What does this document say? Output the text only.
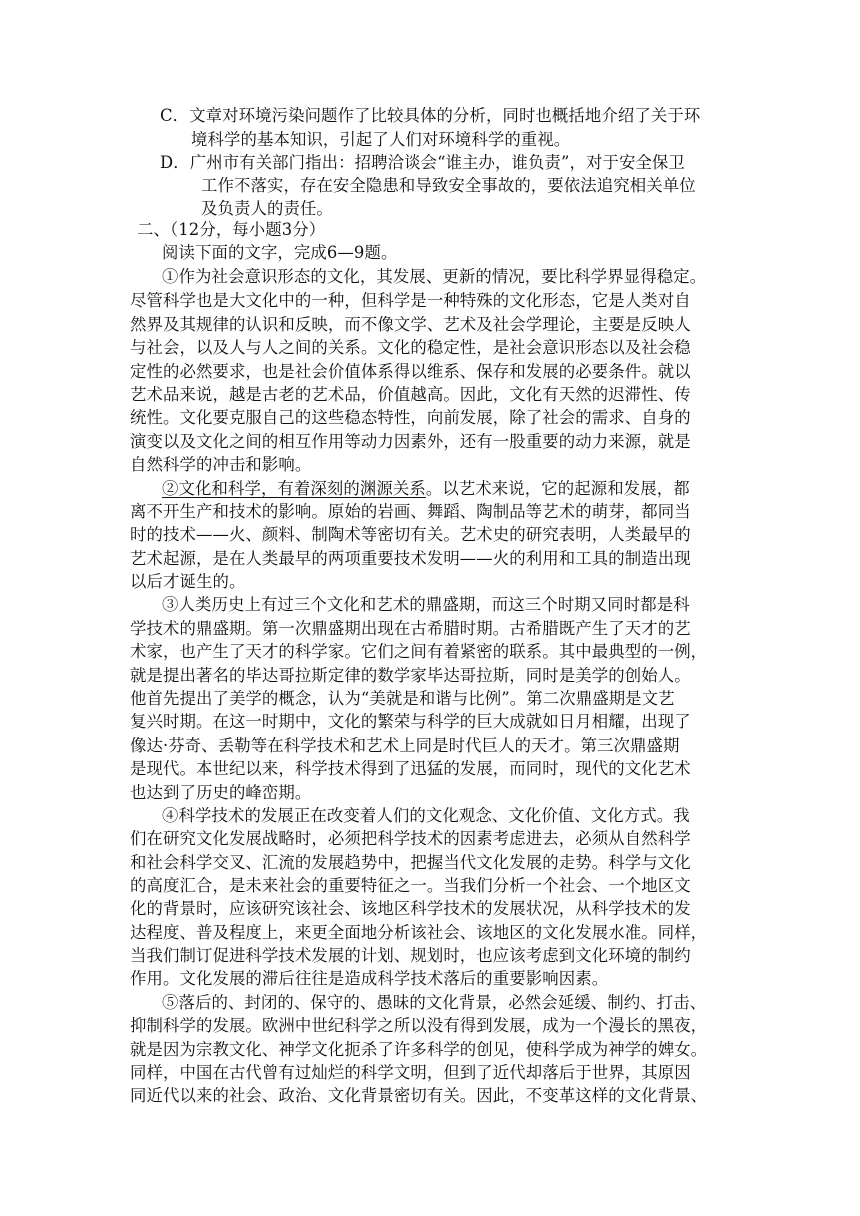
C．文章对环境污染问题作了比较具体的分析，同时也概括地介绍了关于环
境科学的基本知识，引起了人们对环境科学的重视。
D．广州市有关部门指出：招聘洽谈会“谁主办，谁负责”，对于安全保卫
工作不落实，存在安全隐患和导致安全事故的，要依法追究相关单位
及负责人的责任。
二、（12分，每小题3分）
阅读下面的文字，完成6—9题。
①作为社会意识形态的文化，其发展、更新的情况，要比科学界显得稳定。
尽管科学也是大文化中的一种，但科学是一种特殊的文化形态，它是人类对自
然界及其规律的认识和反映，而不像文学、艺术及社会学理论，主要是反映人
与社会，以及人与人之间的关系。文化的稳定性，是社会意识形态以及社会稳
定性的必然要求，也是社会价值体系得以维系、保存和发展的必要条件。就以
艺术品来说，越是古老的艺术品，价值越高。因此，文化有天然的迟滞性、传
统性。文化要克服自己的这些稳态特性，向前发展，除了社会的需求、自身的
演变以及文化之间的相互作用等动力因素外，还有一股重要的动力来源，就是
自然科学的冲击和影响。
②文化和科学，有着深刻的渊源关系。以艺术来说，它的起源和发展，都
离不开生产和技术的影响。原始的岩画、舞蹈、陶制品等艺术的萌芽，都同当
时的技术——火、颜料、制陶术等密切有关。艺术史的研究表明，人类最早的
艺术起源，是在人类最早的两项重要技术发明——火的利用和工具的制造出现
以后才诞生的。
③人类历史上有过三个文化和艺术的鼎盛期，而这三个时期又同时都是科
学技术的鼎盛期。第一次鼎盛期出现在古希腊时期。古希腊既产生了天才的艺
术家，也产生了天才的科学家。它们之间有着紧密的联系。其中最典型的一例，
就是提出著名的毕达哥拉斯定律的数学家毕达哥拉斯，同时是美学的创始人。
他首先提出了美学的概念，认为“美就是和谐与比例”。第二次鼎盛期是文艺
复兴时期。在这一时期中，文化的繁荣与科学的巨大成就如日月相耀，出现了
像达·芬奇、丢勒等在科学技术和艺术上同是时代巨人的天才。第三次鼎盛期
是现代。本世纪以来，科学技术得到了迅猛的发展，而同时，现代的文化艺术
也达到了历史的峰峦期。
④科学技术的发展正在改变着人们的文化观念、文化价值、文化方式。我
们在研究文化发展战略时，必须把科学技术的因素考虑进去，必须从自然科学
和社会科学交叉、汇流的发展趋势中，把握当代文化发展的走势。科学与文化
的高度汇合，是未来社会的重要特征之一。当我们分析一个社会、一个地区文
化的背景时，应该研究该社会、该地区科学技术的发展状况，从科学技术的发
达程度、普及程度上，来更全面地分析该社会、该地区的文化发展水准。同样，
当我们制订促进科学技术发展的计划、规划时，也应该考虑到文化环境的制约
作用。文化发展的滞后往往是造成科学技术落后的重要影响因素。
⑤落后的、封闭的、保守的、愚昧的文化背景，必然会延缓、制约、打击、
抑制科学的发展。欧洲中世纪科学之所以没有得到发展，成为一个漫长的黑夜，
就是因为宗教文化、神学文化扼杀了许多科学的创见，使科学成为神学的婢女。
同样，中国在古代曾有过灿烂的科学文明，但到了近代却落后于世界，其原因
同近代以来的社会、政治、文化背景密切有关。因此，不变革这样的文化背景、
